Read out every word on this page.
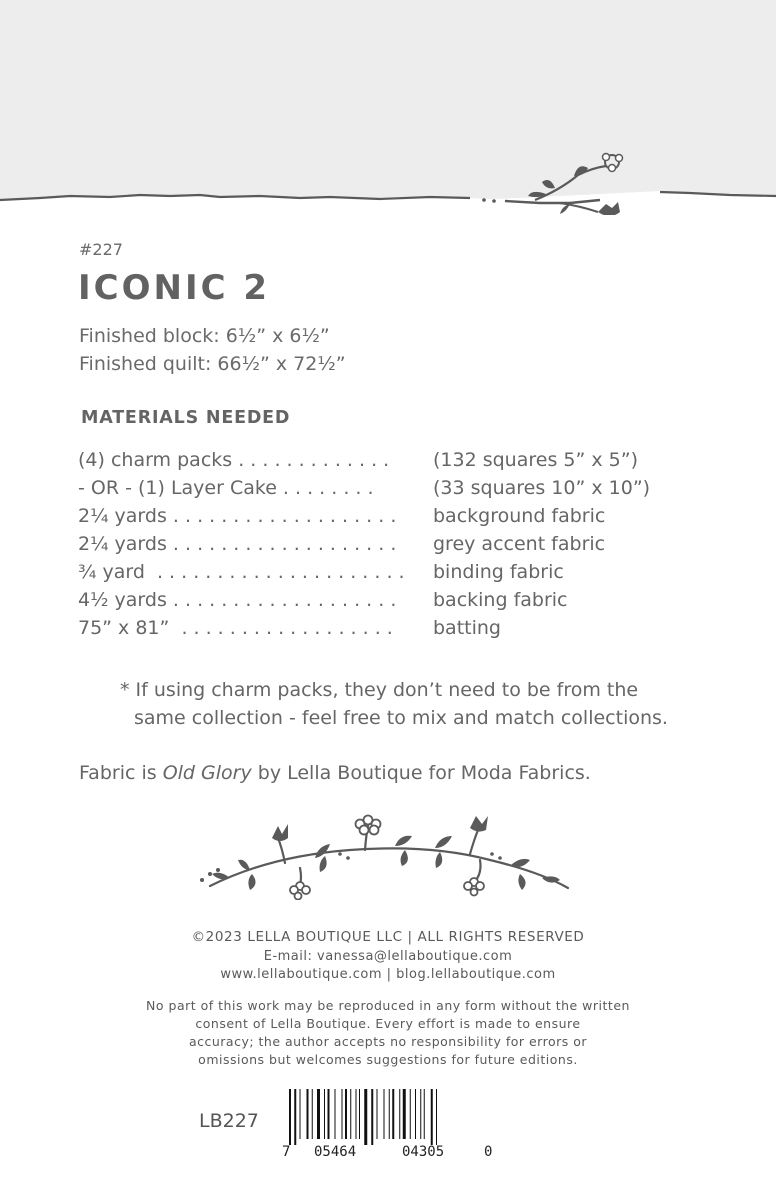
#227
ICONIC 2
Finished block: 6½” x 6½”
Finished quilt: 66½” x 72½”
MATERIALS NEEDED
(4) charm packs . . . . . . . . . . . . . (132 squares 5” x 5”)
- OR - (1) Layer Cake . . . . . . . .	(33 squares 10” x 10”)
2¼ yards . . . . . . . . . . . . . . . . . . . background fabric
2¼ yards . . . . . . . . . . . . . . . . . . . grey accent fabric
¾ yard  . . . . . . . . . . . . . . . . . . . . . binding fabric
4½ yards . . . . . . . . . . . . . . . . . . . backing fabric
75” x 81”  . . . . . . . . . . . . . . . . . . batting
* If using charm packs, they don’t need to be from the
same collection - feel free to mix and match collections.
Fabric is Old Glory by Lella Boutique for Moda Fabrics.
©2023 LELLA BOUTIQUE LLC | ALL RIGHTS RESERVED
E-mail: vanessa@lellaboutique.com
www.lellaboutique.com | blog.lellaboutique.com
No part of this work may be reproduced in any form without the written
consent of Lella Boutique. Every effort is made to ensure
accuracy; the author accepts no responsibility for errors or
omissions but welcomes suggestions for future editions.
LB227
7 05464	04305	0
